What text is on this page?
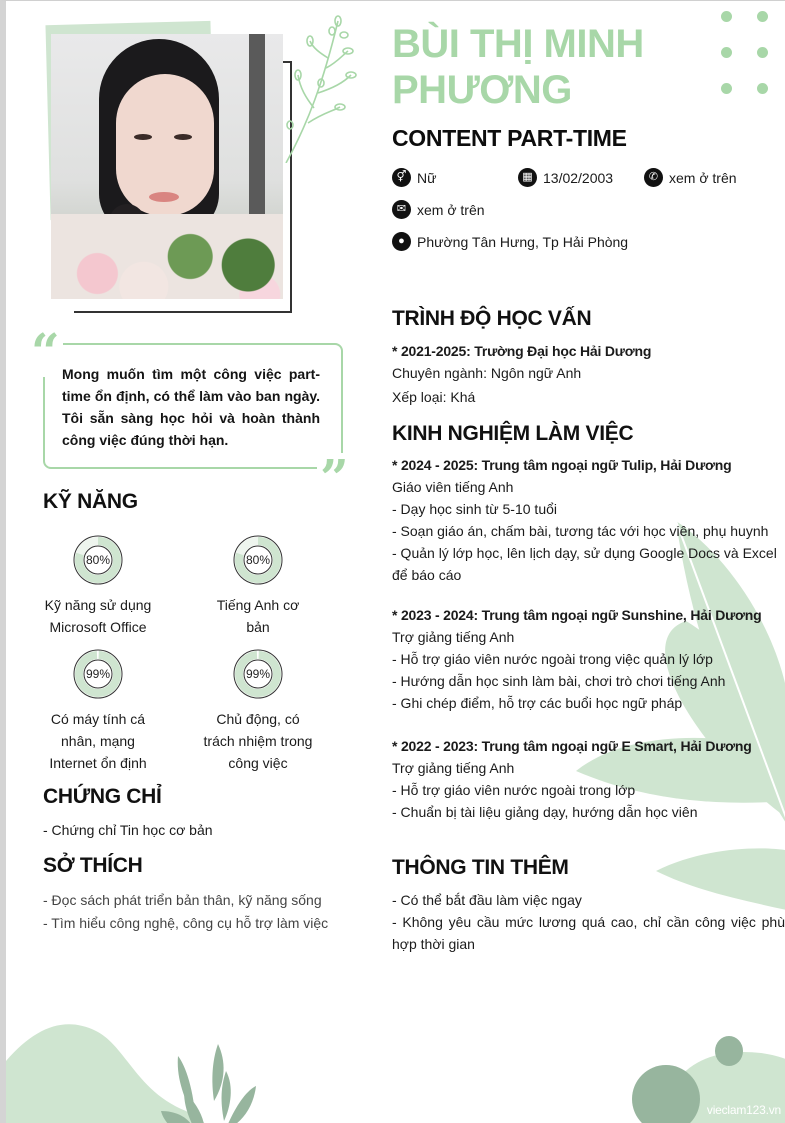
BÙI THỊ MINH PHƯƠNG
CONTENT PART-TIME
⚥ Nữ	▦ 13/02/2003	✆ xem ở trên
✉ xem ở trên
● Phường Tân Hưng, Tp Hải Phòng
“
”
Mong muốn tìm một công việc part-time ổn định, có thể làm vào ban ngày. Tôi sẵn sàng học hỏi và hoàn thành công việc đúng thời hạn.
KỸ NĂNG
80%
Kỹ năng sử dụng Microsoft Office
80%
Tiếng Anh cơ bản
99%
Có máy tính cá nhân, mạng Internet ổn định
99%
Chủ động, có trách nhiệm trong công việc
CHỨNG CHỈ
- Chứng chỉ Tin học cơ bản
SỞ THÍCH
- Đọc sách phát triển bản thân, kỹ năng sống
- Tìm hiểu công nghệ, công cụ hỗ trợ làm việc
TRÌNH ĐỘ HỌC VẤN
* 2021-2025: Trường Đại học Hải Dương
Chuyên ngành: Ngôn ngữ Anh
Xếp loại: Khá
KINH NGHIỆM LÀM VIỆC
* 2024 - 2025: Trung tâm ngoại ngữ Tulip, Hải Dương
Giáo viên tiếng Anh
- Dạy học sinh từ 5-10 tuổi
- Soạn giáo án, chấm bài, tương tác với học viên, phụ huynh
- Quản lý lớp học, lên lịch dạy, sử dụng Google Docs và Excel để báo cáo
* 2023 - 2024: Trung tâm ngoại ngữ Sunshine, Hải Dương
Trợ giảng tiếng Anh
- Hỗ trợ giáo viên nước ngoài trong việc quản lý lớp
- Hướng dẫn học sinh làm bài, chơi trò chơi tiếng Anh
- Ghi chép điểm, hỗ trợ các buổi học ngữ pháp
* 2022 - 2023: Trung tâm ngoại ngữ E Smart, Hải Dương
Trợ giảng tiếng Anh
- Hỗ trợ giáo viên nước ngoài trong lớp
- Chuẩn bị tài liệu giảng dạy, hướng dẫn học viên
THÔNG TIN THÊM
- Có thể bắt đầu làm việc ngay
- Không yêu cầu mức lương quá cao, chỉ cần công việc phù hợp thời gian
vieclam123.vn
